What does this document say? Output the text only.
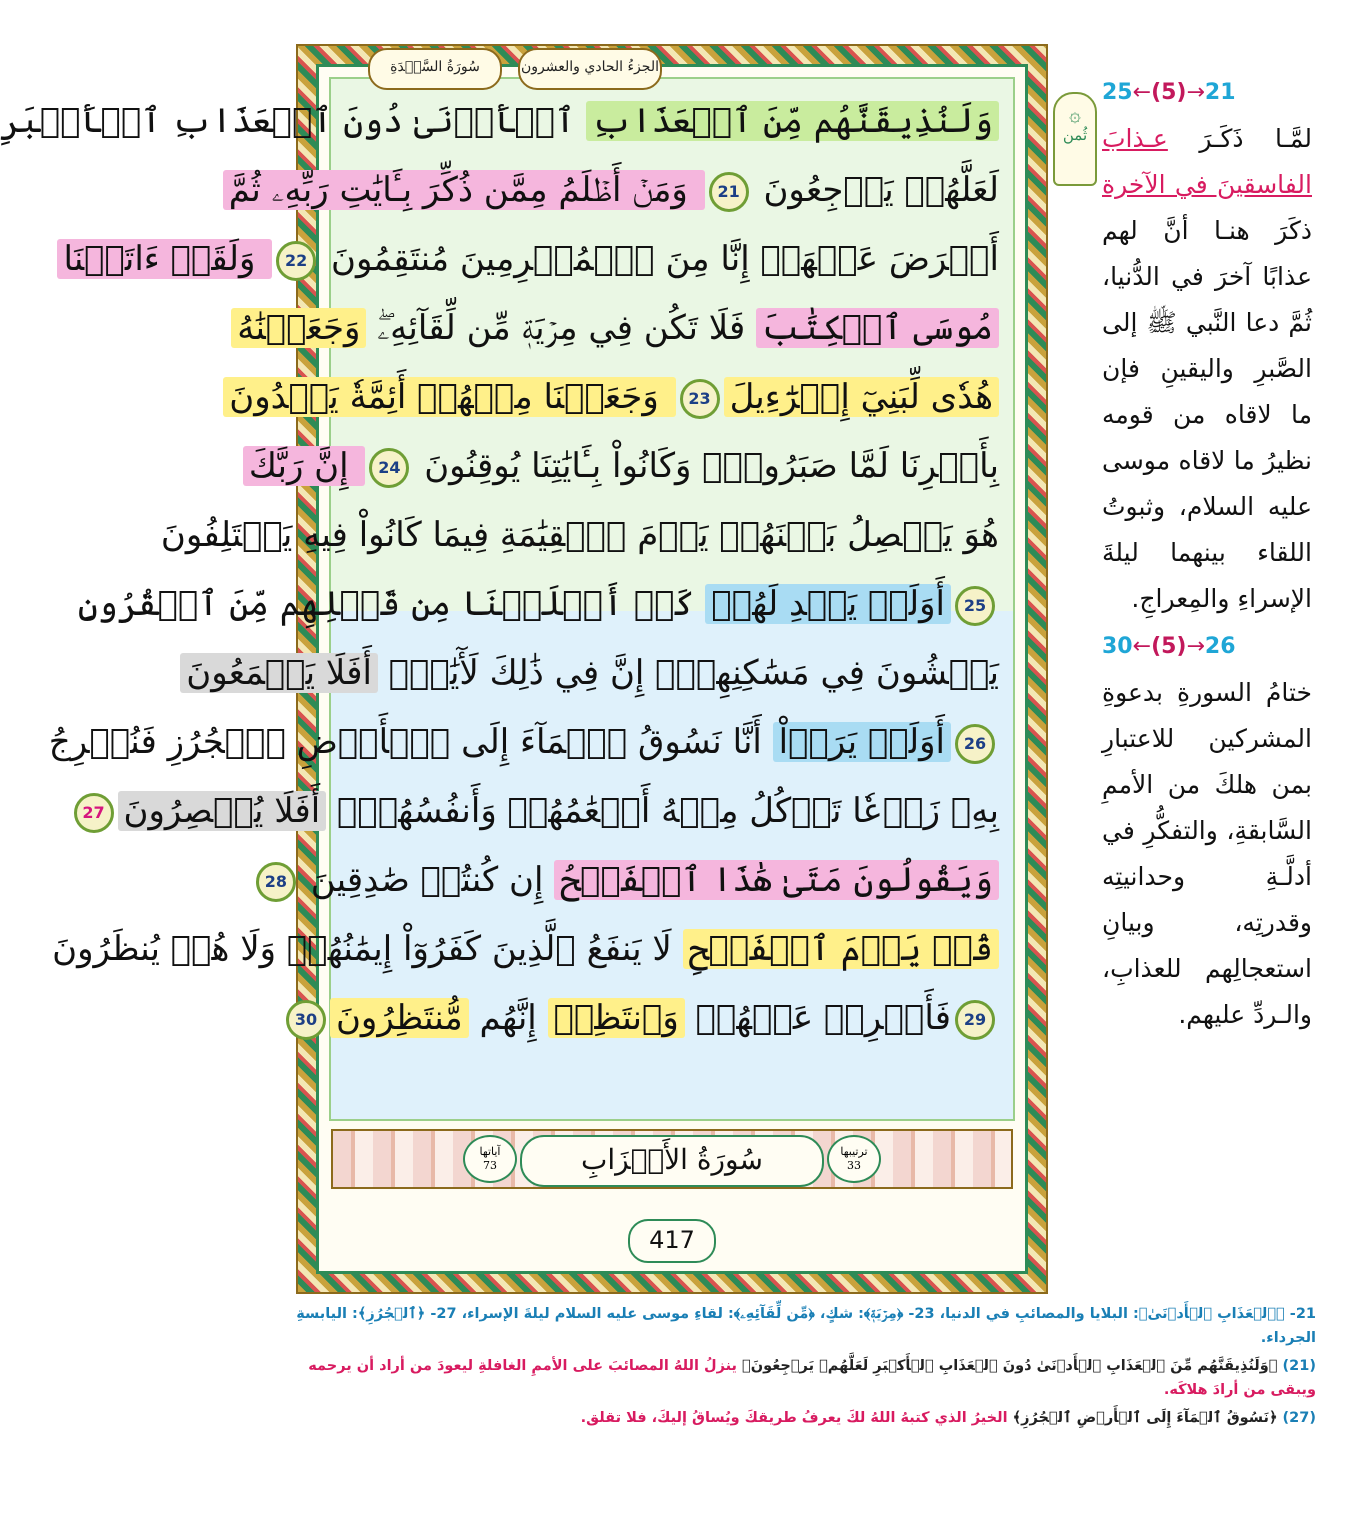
وَلَنُذِيقَنَّهُم مِّنَ ٱلۡعَذَابِ ٱلۡأَدۡنَىٰ دُونَ ٱلۡعَذَابِ ٱلۡأَكۡبَرِ
لَعَلَّهُمۡ يَرۡجِعُونَ 21 وَمَنۡ أَظۡلَمُ مِمَّن ذُكِّرَ بِـَٔايَٰتِ رَبِّهِۦ ثُمَّ
أَعۡرَضَ عَنۡهَآۚ إِنَّا مِنَ ٱلۡمُجۡرِمِينَ مُنتَقِمُونَ 22 وَلَقَدۡ ءَاتَيۡنَا
مُوسَى ٱلۡكِتَٰبَ فَلَا تَكُن فِي مِرۡيَةٖ مِّن لِّقَآئِهِۦۖ وَجَعَلۡنَٰهُ
هُدٗى لِّبَنِيٓ إِسۡرَٰٓءِيلَ23 وَجَعَلۡنَا مِنۡهُمۡ أَئِمَّةٗ يَهۡدُونَ
بِأَمۡرِنَا لَمَّا صَبَرُواْۖ وَكَانُواْ بِـَٔايَٰتِنَا يُوقِنُونَ 24 إِنَّ رَبَّكَ
هُوَ يَفۡصِلُ بَيۡنَهُمۡ يَوۡمَ ٱلۡقِيَٰمَةِ فِيمَا كَانُواْ فِيهِ يَخۡتَلِفُونَ
25أَوَلَمۡ يَهۡدِ لَهُمۡ كَمۡ أَهۡلَكۡنَا مِن قَبۡلِهِم مِّنَ ٱلۡقُرُونِ
يَمۡشُونَ فِي مَسَٰكِنِهِمۡۚ إِنَّ فِي ذَٰلِكَ لَأٓيَٰتٍۚ أَفَلَا يَسۡمَعُونَ
26أَوَلَمۡ يَرَوۡاْ أَنَّا نَسُوقُ ٱلۡمَآءَ إِلَى ٱلۡأَرۡضِ ٱلۡجُرُزِ فَنُخۡرِجُ
بِهِۦ زَرۡعٗا تَأۡكُلُ مِنۡهُ أَنۡعَٰمُهُمۡ وَأَنفُسُهُمۡۚ أَفَلَا يُبۡصِرُونَ27
وَيَقُولُونَ مَتَىٰ هَٰذَا ٱلۡفَتۡحُ إِن كُنتُمۡ صَٰدِقِينَ 28
قُلۡ يَوۡمَ ٱلۡفَتۡحِ لَا يَنفَعُ ٱلَّذِينَ كَفَرُوٓاْ إِيمَٰنُهُمۡ وَلَا هُمۡ يُنظَرُونَ
29فَأَعۡرِضۡ عَنۡهُمۡ وَٱنتَظِرۡ إِنَّهُم مُّنتَظِرُونَ30
آياتها
73	سُورَةُ الأَحۡزَابِ	ترتيبها
33
417
سُورَةُ السَّجۡدَةِ	الجزءُ الحادي والعشرون
۞
ثُمن
25←(5)→21
لمَّـا ذَكَـرَ عـذابَ الفاسقينَ في الآخرة ذكَرَ هنـا أنَّ لهم عذابًا آخرَ في الدُّنيا، ثُمَّ دعا النَّبي ﷺ إلى الصَّبرِ واليقينِ فإن ما لاقاه من قومه نظيرُ ما لاقاه موسى عليه السلام، وثبوتُ اللقاء بينهما ليلةَ الإسراءِ والمِعراجِ.
30←(5)→26
ختامُ السورةِ بدعوةِ المشركين للاعتبارِ بمن هلكَ من الأممِ السَّابقةِ، والتفكُّرِ في أدلَّـةِ وحدانيتِه وقدرتِه، وبيانِ استعجالِهم للعذابِ، والـردِّ عليهم.
21- ﴿ٱلۡعَذَابِ ٱلۡأَدۡنَىٰ﴾: البلايا والمصائبِ في الدنيا، 23- ﴿مِرۡيَةٖ﴾: شكٍ، ﴿مِّن لِّقَآئِهِۦ﴾: لقاءِ موسى عليه السلام ليلةَ الإسراء، 27- ﴿ٱلۡجُرُزِ﴾: اليابسةِ الجرداء.
(21) ﴿وَلَنُذِيقَنَّهُم مِّنَ ٱلۡعَذَابِ ٱلۡأَدۡنَىٰ دُونَ ٱلۡعَذَابِ ٱلۡأَكۡبَرِ لَعَلَّهُمۡ يَرۡجِعُونَ﴾ ينزلُ اللهُ المصائبَ على الأممِ الغافلةِ ليعودَ من أراد أن يرحمه ويبقى من أرادَ هلاكَه.
(27) ﴿نَسُوقُ ٱلۡمَآءَ إِلَى ٱلۡأَرۡضِ ٱلۡجُرُزِ﴾ الخيرُ الذي كتبهُ اللهُ لكَ يعرفُ طريقكَ ويُساقُ إليكَ، فلا تقلق.
